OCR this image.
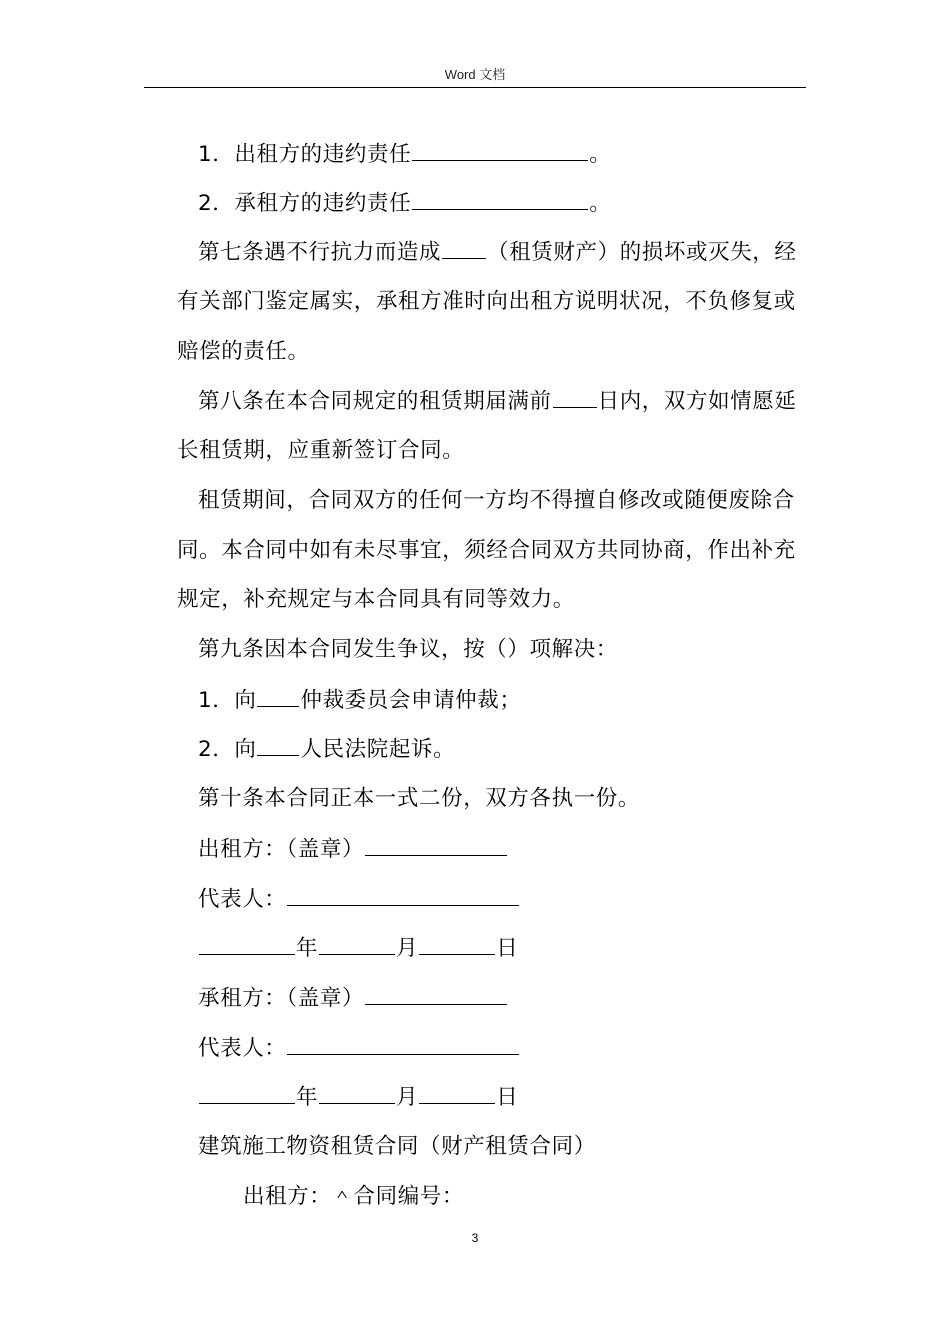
Word 文档
1．出租方的违约责任	。
2．承租方的违约责任	。
第七条遇不行抗力而造成 （租赁财产）的损坏或灭失，经
有关部门鉴定属实，承租方准时向出租方说明状况，不负修复或
赔偿的责任。
第八条在本合同规定的租赁期届满前 日内，双方如情愿延
长租赁期，应重新签订合同。
租赁期间，合同双方的任何一方均不得擅自修改或随便废除合
同。本合同中如有未尽事宜，须经合同双方共同协商，作出补充
规定，补充规定与本合同具有同等效力。
第九条因本合同发生争议，按（）项解决：
1．向 仲裁委员会申请仲裁；
2．向 人民法院起诉。
第十条本合同正本一式二份，双方各执一份。
出租方：（盖章）
代表人：
年	月	日
承租方：（盖章）
代表人：
年	月	日
建筑施工物资租赁合同（财产租赁合同）
出租方：＾合同编号：
3
